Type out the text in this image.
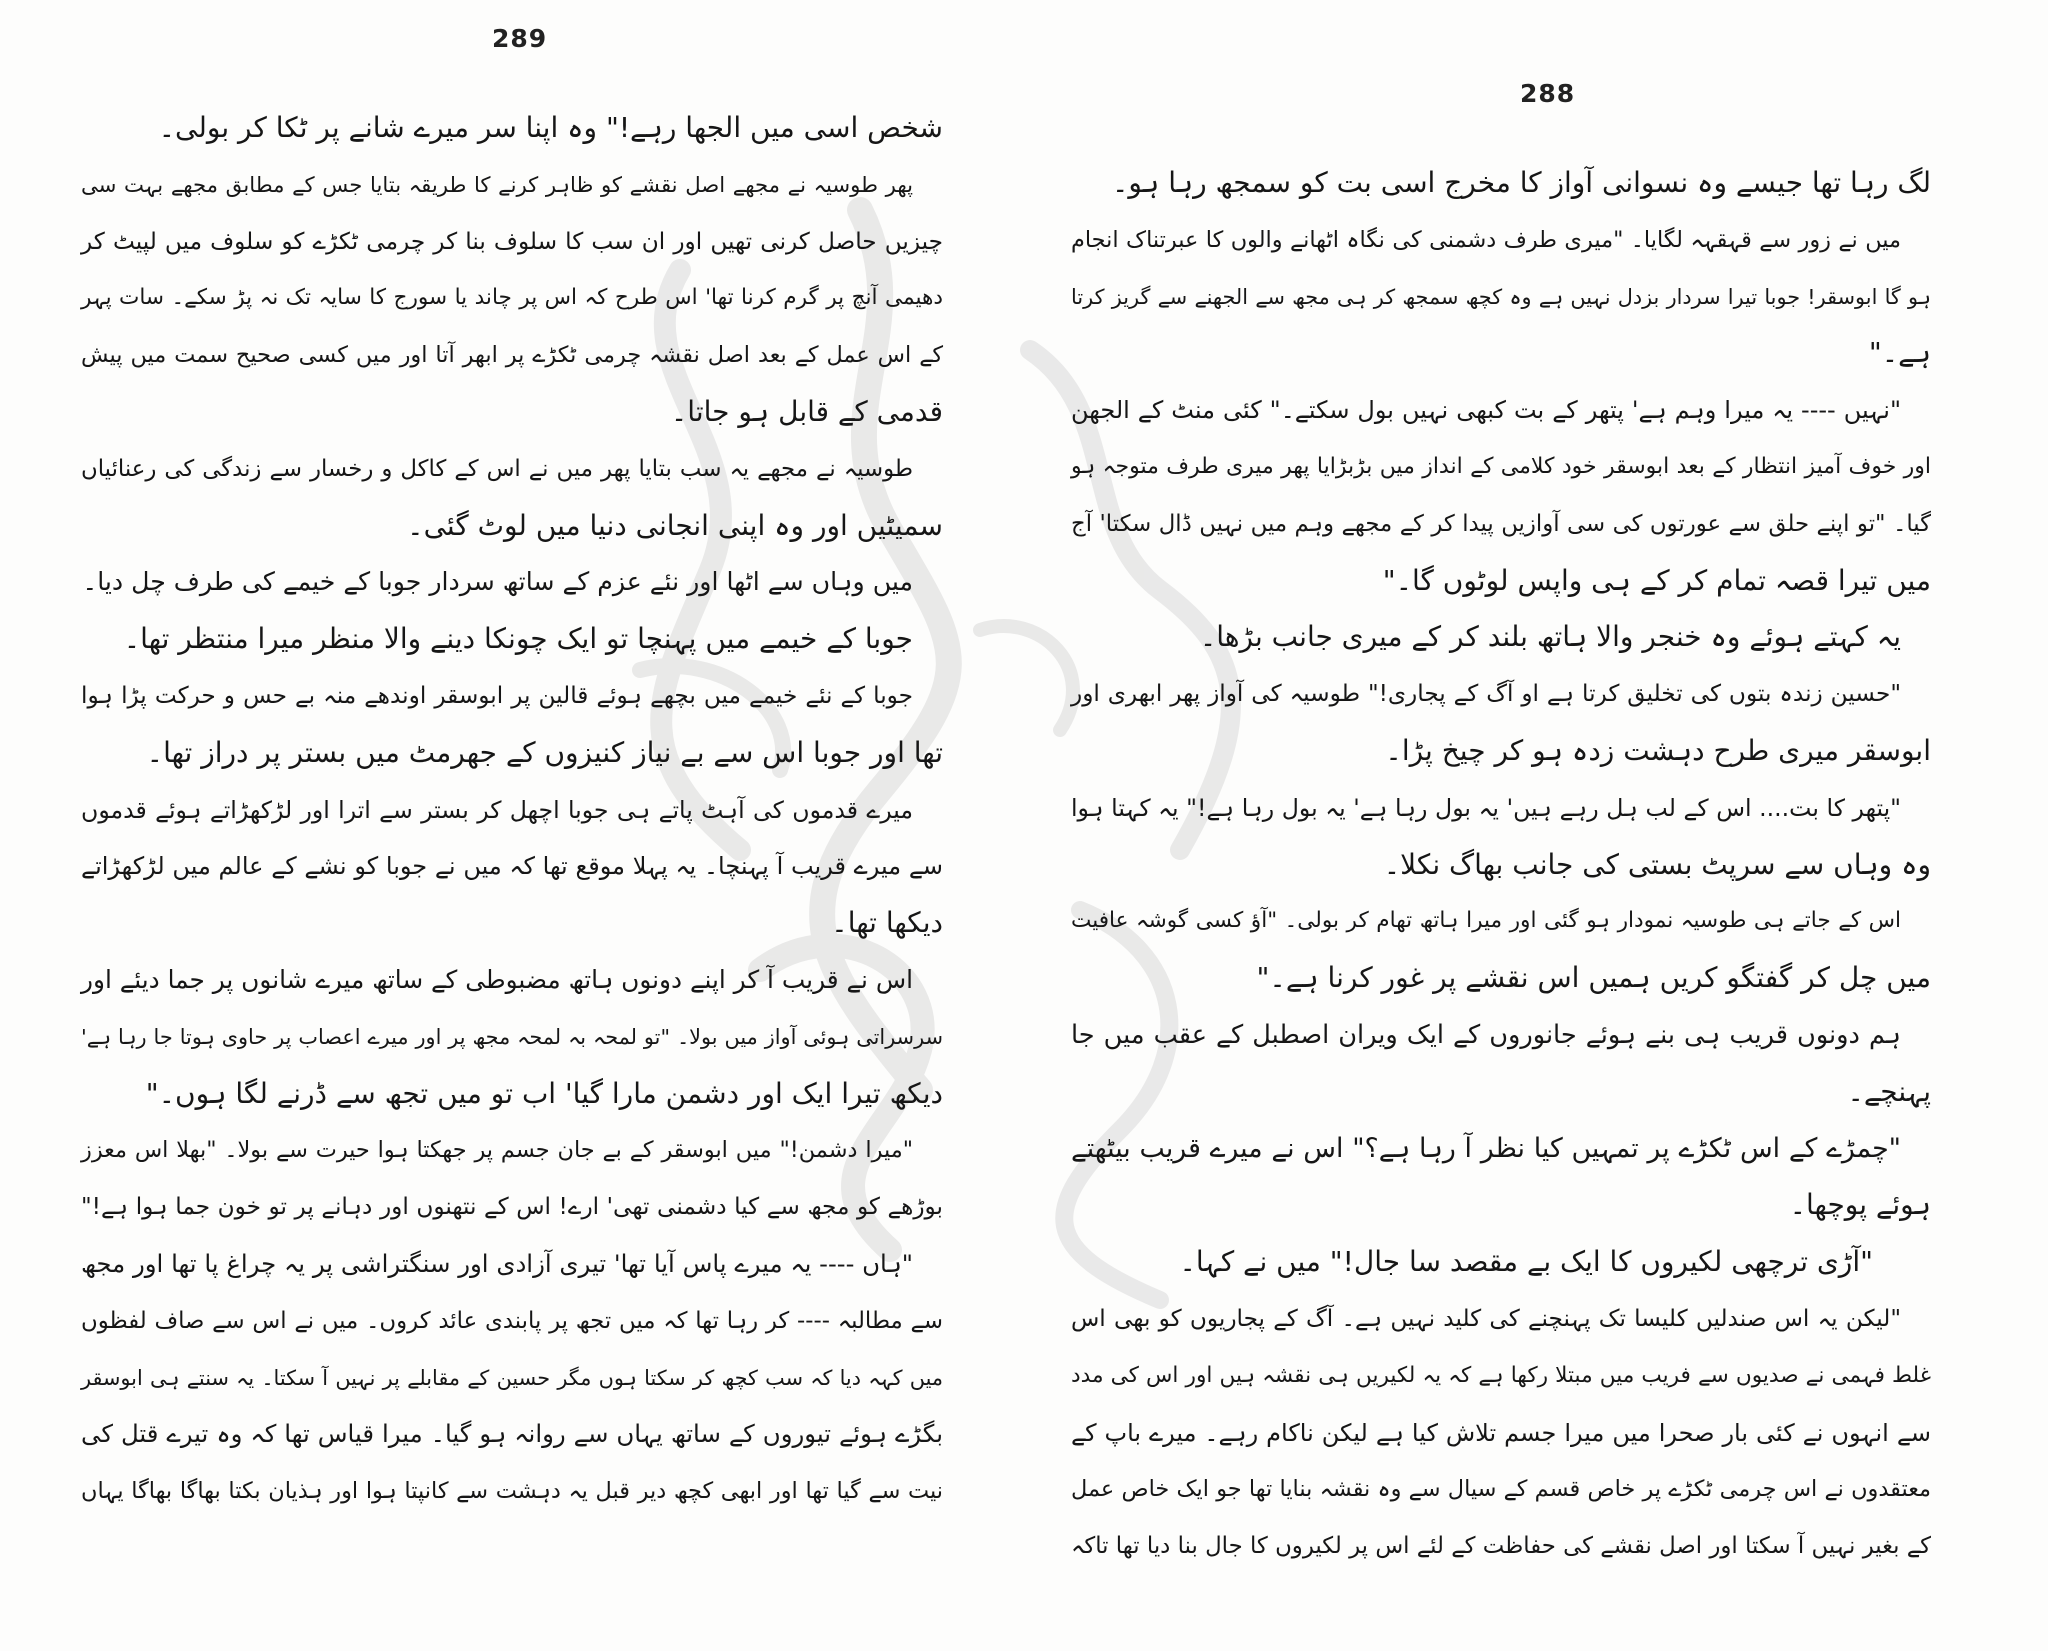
289
شخص اسی میں الجھا رہے!" وہ اپنا سر میرے شانے پر ٹکا کر بولی۔
پھر طوسیہ نے مجھے اصل نقشے کو ظاہر کرنے کا طریقہ بتایا جس کے مطابق مجھے بہت سی
چیزیں حاصل کرنی تھیں اور ان سب کا سلوف بنا کر چرمی ٹکڑے کو سلوف میں لپیٹ کر
دھیمی آنچ پر گرم کرنا تھا' اس طرح کہ اس پر چاند یا سورج کا سایہ تک نہ پڑ سکے۔ سات پہر
کے اس عمل کے بعد اصل نقشہ چرمی ٹکڑے پر ابھر آتا اور میں کسی صحیح سمت میں پیش
قدمی کے قابل ہو جاتا۔
طوسیہ نے مجھے یہ سب بتایا پھر میں نے اس کے کاکل و رخسار سے زندگی کی رعنائیاں
سمیٹیں اور وہ اپنی انجانی دنیا میں لوٹ گئی۔
میں وہاں سے اٹھا اور نئے عزم کے ساتھ سردار جوبا کے خیمے کی طرف چل دیا۔
جوبا کے خیمے میں پہنچا تو ایک چونکا دینے والا منظر میرا منتظر تھا۔
جوبا کے نئے خیمے میں بچھے ہوئے قالین پر ابوسقر اوندھے منہ بے حس و حرکت پڑا ہوا
تھا اور جوبا اس سے بے نیاز کنیزوں کے جھرمٹ میں بستر پر دراز تھا۔
میرے قدموں کی آہٹ پاتے ہی جوبا اچھل کر بستر سے اترا اور لڑکھڑاتے ہوئے قدموں
سے میرے قریب آ پہنچا۔ یہ پہلا موقع تھا کہ میں نے جوبا کو نشے کے عالم میں لڑکھڑاتے
دیکھا تھا۔
اس نے قریب آ کر اپنے دونوں ہاتھ مضبوطی کے ساتھ میرے شانوں پر جما دیئے اور
سرسراتی ہوئی آواز میں بولا۔ "تو لمحہ بہ لمحہ مجھ پر اور میرے اعصاب پر حاوی ہوتا جا رہا ہے'
دیکھ تیرا ایک اور دشمن مارا گیا' اب تو میں تجھ سے ڈرنے لگا ہوں۔"
"میرا دشمن!" میں ابوسقر کے بے جان جسم پر جھکتا ہوا حیرت سے بولا۔ "بھلا اس معزز
بوڑھے کو مجھ سے کیا دشمنی تھی' ارے! اس کے نتھنوں اور دہانے پر تو خون جما ہوا ہے!"
"ہاں ---- یہ میرے پاس آیا تھا' تیری آزادی اور سنگتراشی پر یہ چراغ پا تھا اور مجھ
سے مطالبہ ---- کر رہا تھا کہ میں تجھ پر پابندی عائد کروں۔ میں نے اس سے صاف لفظوں
میں کہہ دیا کہ سب کچھ کر سکتا ہوں مگر حسین کے مقابلے پر نہیں آ سکتا۔ یہ سنتے ہی ابوسقر
بگڑے ہوئے تیوروں کے ساتھ یہاں سے روانہ ہو گیا۔ میرا قیاس تھا کہ وہ تیرے قتل کی
نیت سے گیا تھا اور ابھی کچھ دیر قبل یہ دہشت سے کانپتا ہوا اور ہذیان بکتا بھاگا بھاگا یہاں
288
لگ رہا تھا جیسے وہ نسوانی آواز کا مخرج اسی بت کو سمجھ رہا ہو۔
میں نے زور سے قہقہہ لگایا۔ "میری طرف دشمنی کی نگاہ اٹھانے والوں کا عبرتناک انجام
ہو گا ابوسقر! جوبا تیرا سردار بزدل نہیں ہے وہ کچھ سمجھ کر ہی مجھ سے الجھنے سے گریز کرتا
ہے۔"
"نہیں ---- یہ میرا وہم ہے' پتھر کے بت کبھی نہیں بول سکتے۔" کئی منٹ کے الجھن
اور خوف آمیز انتظار کے بعد ابوسقر خود کلامی کے انداز میں بڑبڑایا پھر میری طرف متوجہ ہو
گیا۔ "تو اپنے حلق سے عورتوں کی سی آوازیں پیدا کر کے مجھے وہم میں نہیں ڈال سکتا' آج
میں تیرا قصہ تمام کر کے ہی واپس لوٹوں گا۔"
یہ کہتے ہوئے وہ خنجر والا ہاتھ بلند کر کے میری جانب بڑھا۔
"حسین زندہ بتوں کی تخلیق کرتا ہے او آگ کے پجاری!" طوسیہ کی آواز پھر ابھری اور
ابوسقر میری طرح دہشت زدہ ہو کر چیخ پڑا۔
"پتھر کا بت.... اس کے لب ہل رہے ہیں' یہ بول رہا ہے' یہ بول رہا ہے!" یہ کہتا ہوا
وہ وہاں سے سرپٹ بستی کی جانب بھاگ نکلا۔
اس کے جاتے ہی طوسیہ نمودار ہو گئی اور میرا ہاتھ تھام کر بولی۔ "آؤ کسی گوشہ عافیت
میں چل کر گفتگو کریں ہمیں اس نقشے پر غور کرنا ہے۔"
ہم دونوں قریب ہی بنے ہوئے جانوروں کے ایک ویران اصطبل کے عقب میں جا
پہنچے۔
"چمڑے کے اس ٹکڑے پر تمہیں کیا نظر آ رہا ہے؟" اس نے میرے قریب بیٹھتے
ہوئے پوچھا۔
"آڑی ترچھی لکیروں کا ایک بے مقصد سا جال!" میں نے کہا۔
"لیکن یہ اس صندلیں کلیسا تک پہنچنے کی کلید نہیں ہے۔ آگ کے پجاریوں کو بھی اس
غلط فہمی نے صدیوں سے فریب میں مبتلا رکھا ہے کہ یہ لکیریں ہی نقشہ ہیں اور اس کی مدد
سے انہوں نے کئی بار صحرا میں میرا جسم تلاش کیا ہے لیکن ناکام رہے۔ میرے باپ کے
معتقدوں نے اس چرمی ٹکڑے پر خاص قسم کے سیال سے وہ نقشہ بنایا تھا جو ایک خاص عمل
کے بغیر نہیں آ سکتا اور اصل نقشے کی حفاظت کے لئے اس پر لکیروں کا جال بنا دیا تھا تاکہ
